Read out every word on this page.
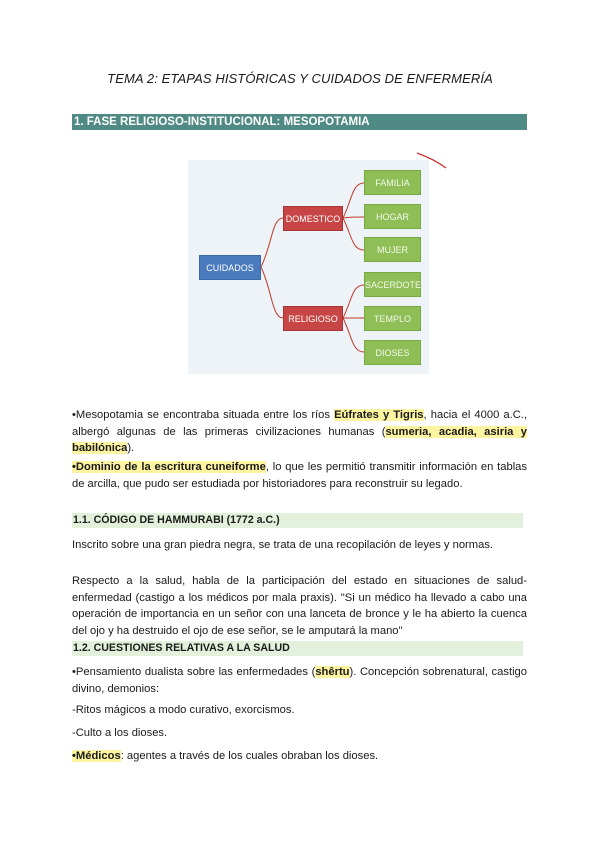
TEMA 2: ETAPAS HISTÓRICAS Y CUIDADOS DE ENFERMERÍA
1. FASE RELIGIOSO-INSTITUCIONAL: MESOPOTAMIA
CUIDADOS
DOMESTICO
RELIGIOSO
FAMILIA
HOGAR
MUJER
SACERDOTE
TEMPLO
DIOSES
•Mesopotamia se encontraba situada entre los ríos Eúfrates y Tigris, hacia el 4000 a.C., albergó algunas de las primeras civilizaciones humanas (sumeria, acadia, asiria y babilónica).
•Dominio de la escritura cuneiforme, lo que les permitió transmitir información en tablas de arcilla, que pudo ser estudiada por historiadores para reconstruir su legado.
1.1. CÓDIGO DE HAMMURABI (1772 a.C.)
Inscrito sobre una gran piedra negra, se trata de una recopilación de leyes y normas.
Respecto a la salud, habla de la participación del estado en situaciones de salud-enfermedad (castigo a los médicos por mala praxis). "Si un médico ha llevado a cabo una operación de importancia en un señor con una lanceta de bronce y le ha abierto la cuenca del ojo y ha destruido el ojo de ese señor, se le amputará la mano"
1.2. CUESTIONES RELATIVAS A LA SALUD
•Pensamiento dualista sobre las enfermedades (shêrtu). Concepción sobrenatural, castigo divino, demonios:
-Ritos mágicos a modo curativo, exorcismos.
-Culto a los dioses.
•Médicos: agentes a través de los cuales obraban los dioses.
